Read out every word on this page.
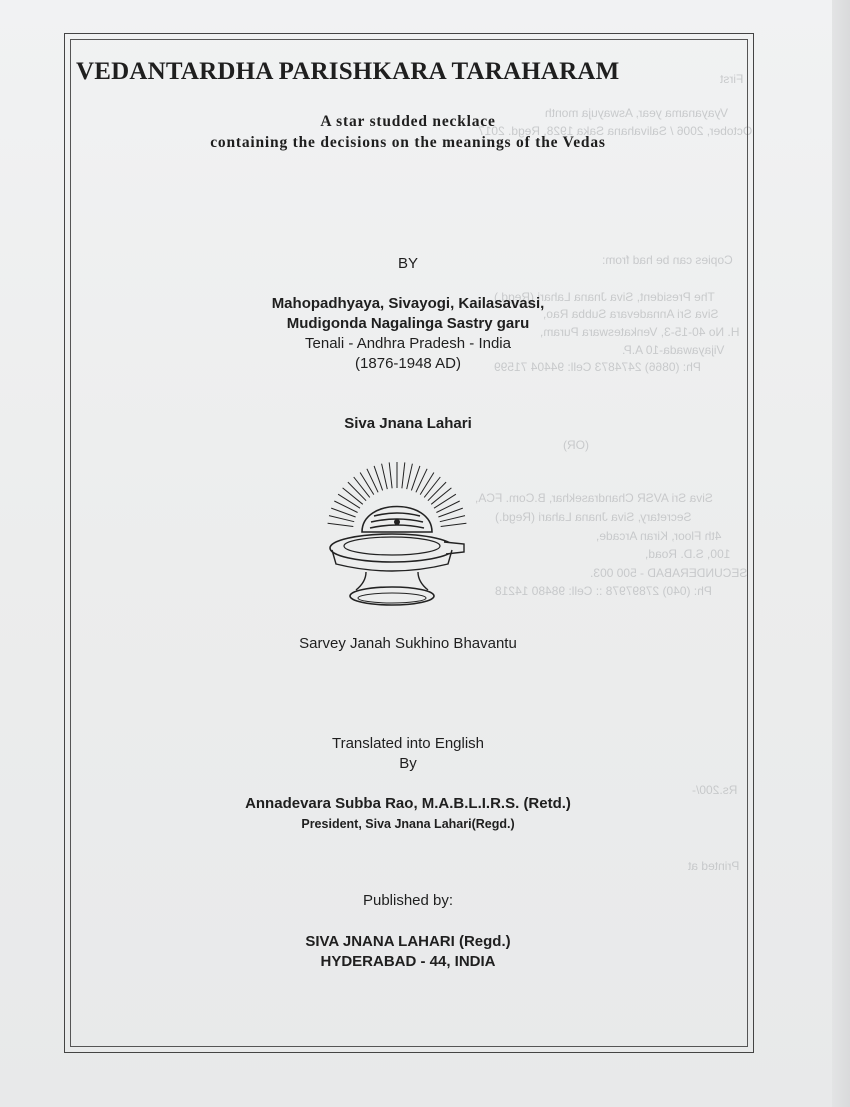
First
Vyayanama year, Aswayuja month
October, 2006 / Salivahana Saka 1928, Regd. 2017
Copies can be had from:
The President, Siva Jnana Lahari (Regd.)
Siva Sri Annadevara Subba Rao,
H. No 40-15-3, Venkateswara Puram,
Vijayawada-10 A.P.
Ph: (0866) 2474873 Cell: 94404 71599
(OR)
Siva Sri AVSR Chandrasekhar, B.Com. FCA,
Secretary, Siva Jnana Lahari (Regd.)
4th Floor, Kiran Arcade,
100, S.D. Road,
SECUNDERABAD - 500 003.
Ph: (040) 27897978 :: Cell: 98480 14218
Rs.200/-
Printed at
VEDANTARDHA PARISHKARA TARAHARAM
A star studded necklace
containing the decisions on the meanings of the Vedas
BY
Mahopadhyaya, Sivayogi, Kailasavasi,
Mudigonda Nagalinga Sastry garu
Tenali - Andhra Pradesh - India
(1876-1948 AD)
Siva Jnana Lahari
Sarvey Janah Sukhino Bhavantu
Translated into English
By
Annadevara Subba Rao, M.A.B.L.I.R.S. (Retd.)
President, Siva Jnana Lahari(Regd.)
Published by:
SIVA JNANA LAHARI (Regd.)
HYDERABAD - 44, INDIA
